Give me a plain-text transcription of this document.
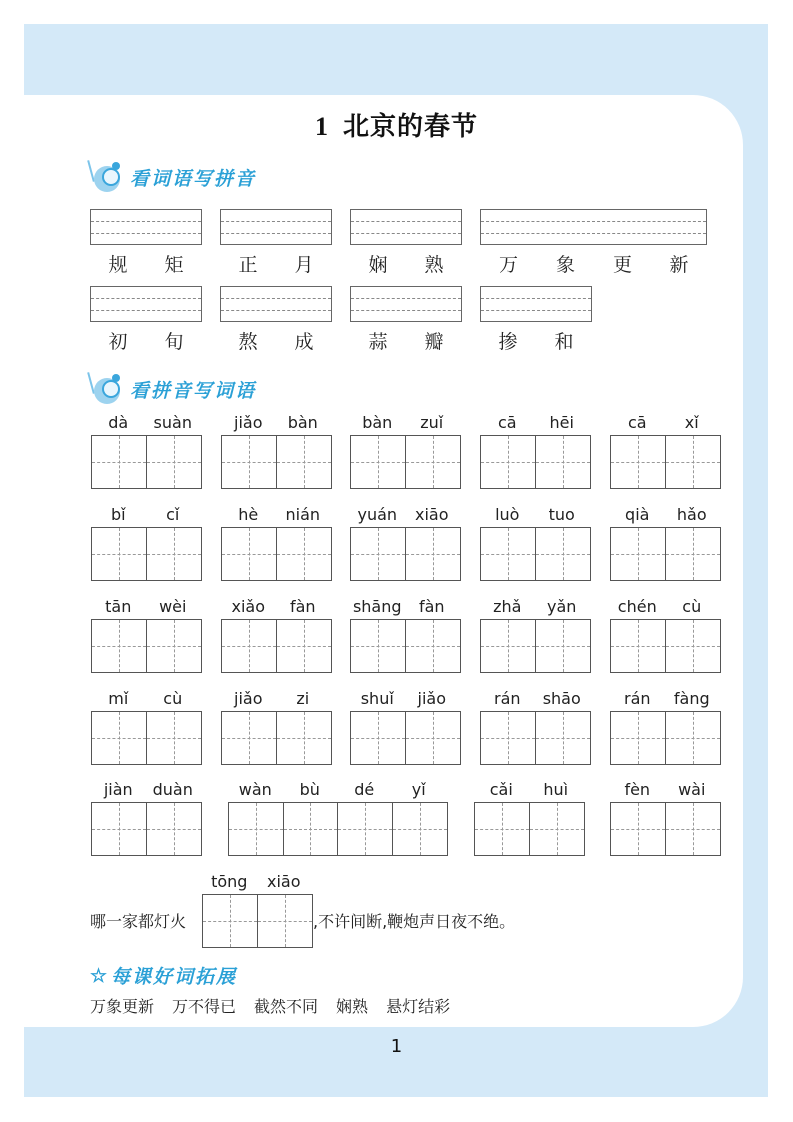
1 北京的春节
看词语写拼音
规	矩	正	月	娴	熟	万	象	更	新
初	旬	熬	成	蒜	瓣	掺	和
看拼音写词语
dà	suàn	jiǎo	bàn	bàn	zuǐ	cā	hēi	cā	xǐ
bǐ	cǐ	hè	nián	yuán	xiāo	luò	tuo	qià	hǎo
tān	wèi	xiǎo	fàn	shāng	fàn	zhǎ	yǎn	chén	cù
mǐ	cù	jiǎo	zi	shuǐ	jiǎo	rán	shāo	rán	fàng
jiàn	duàn	wàn	bù	dé	yǐ	cǎi	huì	fèn	wài
哪一家都灯火
tōng	xiāo
,不许间断,鞭炮声日夜不绝。
☆ 每课好词拓展
万象更新 万不得已 截然不同 娴熟 悬灯结彩
1
